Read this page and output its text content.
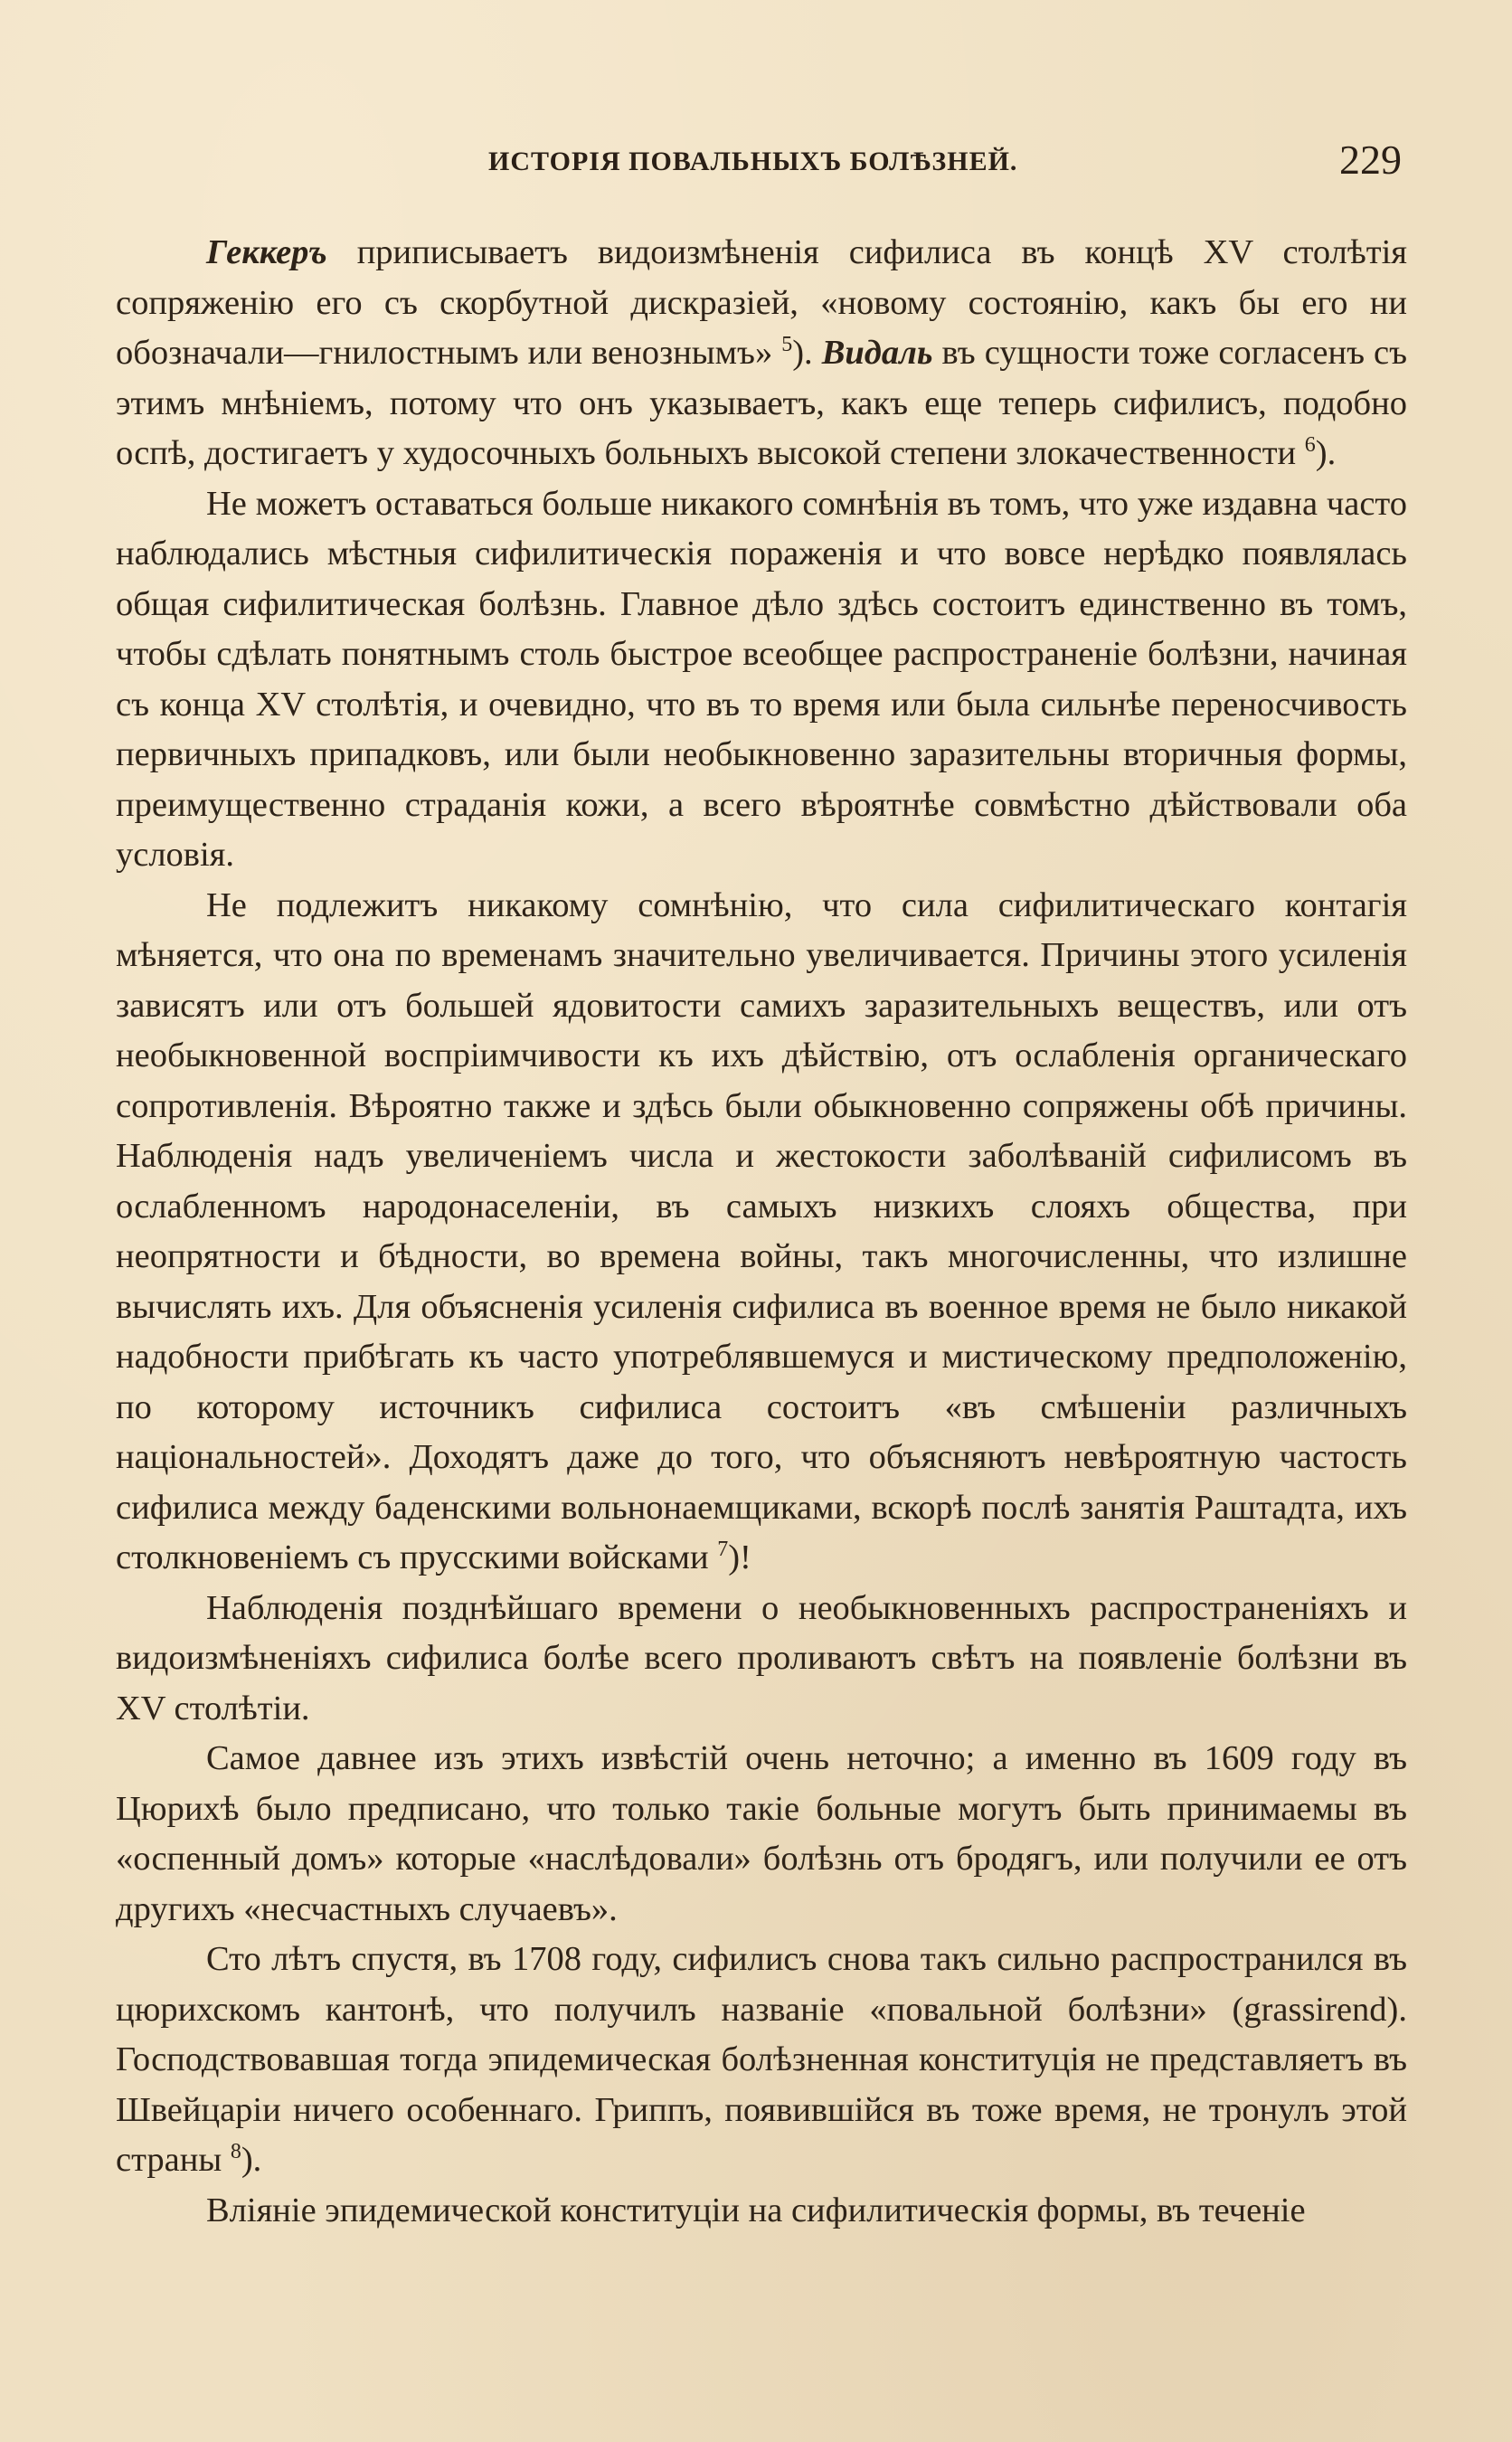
ИСТОРІЯ ПОВАЛЬНЫХЪ БОЛѢЗНЕЙ.	229

Геккеръ приписываетъ видоизмѣненія сифилиса въ концѣ XV столѣтія сопряженію его съ скорбутной дискразіей, «новому состоянію, какъ бы его ни обозначали—гнилостнымъ или венознымъ» $^5$). Видаль въ сущности тоже согласенъ съ этимъ мнѣніемъ, потому что онъ указываетъ, какъ еще теперь сифилисъ, подобно оспѣ, достигаетъ у худосочныхъ больныхъ высокой степени злокачественности $^6$).

Не можетъ оставаться больше никакого сомнѣнія въ томъ, что уже издавна часто наблюдались мѣстныя сифилитическія пораженія и что вовсе нерѣдко появлялась общая сифилитическая болѣзнь. Главное дѣло здѣсь состоитъ единственно въ томъ, чтобы сдѣлать понятнымъ столь быстрое всеобщее распространеніе болѣзни, начиная съ конца XV столѣтія, и очевидно, что въ то время или была сильнѣе переносчивость первичныхъ припадковъ, или были необыкновенно заразительны вторичныя формы, преимущественно страданія кожи, а всего вѣроятнѣе совмѣстно дѣйствовали оба условія.

Не подлежитъ никакому сомнѣнію, что сила сифилитическаго контагія мѣняется, что она по временамъ значительно увеличивается. Причины этого усиленія зависятъ или отъ большей ядовитости самихъ заразительныхъ веществъ, или отъ необыкновенной воспріимчивости къ ихъ дѣйствію, отъ ослабленія органическаго сопротивленія. Вѣроятно также и здѣсь были обыкновенно сопряжены обѣ причины. Наблюденія надъ увеличеніемъ числа и жестокости заболѣваній сифилисомъ въ ослабленномъ народонаселеніи, въ самыхъ низкихъ слояхъ общества, при неопрятности и бѣдности, во времена войны, такъ многочисленны, что излишне вычислять ихъ. Для объясненія усиленія сифилиса въ военное время не было никакой надобности прибѣгать къ часто употреблявшемуся и мистическому предположенію, по которому источникъ сифилиса состоитъ «въ смѣшеніи различныхъ національностей». Доходятъ даже до того, что объясняютъ невѣроятную частость сифилиса между баденскими вольнонаемщиками, вскорѣ послѣ занятія Раштадта, ихъ столкновеніемъ съ прусскими войсками $^7$)!

Наблюденія позднѣйшаго времени о необыкновенныхъ распространеніяхъ и видоизмѣненіяхъ сифилиса болѣе всего проливаютъ свѣтъ на появленіе болѣзни въ XV столѣтіи.

Самое давнее изъ этихъ извѣстій очень неточно; а именно въ 1609 году въ Цюрихѣ было предписано, что только такіе больные могутъ быть принимаемы въ «оспенный домъ» которые «наслѣдовали» болѣзнь отъ бродягъ, или получили ее отъ другихъ «несчастныхъ случаевъ».

Сто лѣтъ спустя, въ 1708 году, сифилисъ снова такъ сильно распространился въ цюрихскомъ кантонѣ, что получилъ названіе «повальной болѣзни» (grassirend). Господствовавшая тогда эпидемическая болѣзненная конституція не представляетъ въ Швейцаріи ничего особеннаго. Гриппъ, появившійся въ тоже время, не тронулъ этой страны $^8$).

Вліяніе эпидемической конституціи на сифилитическія формы, въ теченіе
